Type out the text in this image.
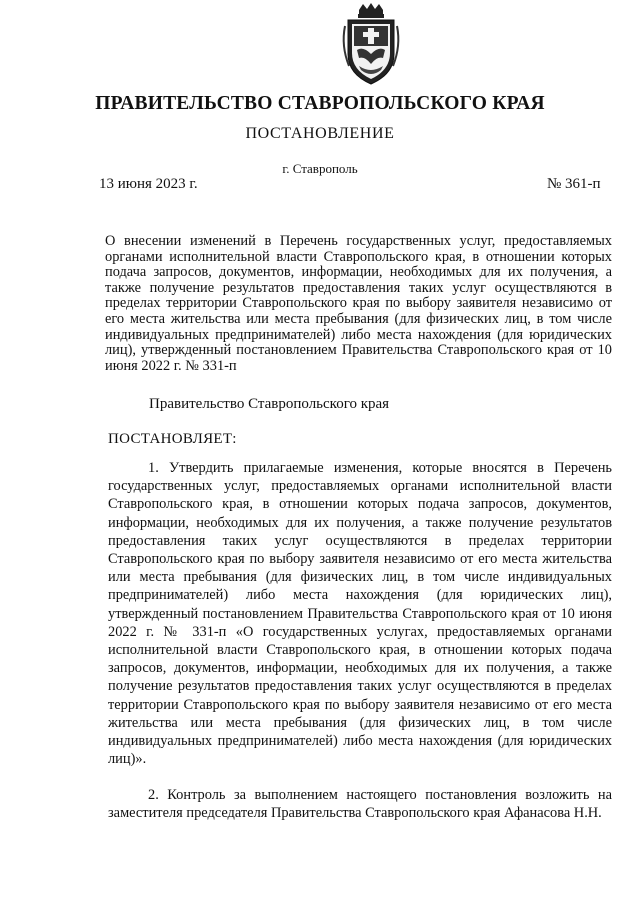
ПРАВИТЕЛЬСТВО СТАВРОПОЛЬСКОГО КРАЯ
ПОСТАНОВЛЕНИЕ
г. Ставрополь
13 июня 2023 г.	№ 361-п
О внесении изменений в Перечень государственных услуг, предоставляемых органами исполнительной власти Ставропольского края, в отношении которых подача запросов, документов, информации, необходимых для их получения, а также получение результатов предоставления таких услуг осуществляются в пределах территории Ставропольского края по выбору заявителя независимо от его места жительства или места пребывания (для физических лиц, в том числе индивидуальных предпринимателей) либо места нахождения (для юридических лиц), утвержденный постановлением Правительства Ставропольского края от 10 июня 2022 г. № 331-п
Правительство Ставропольского края
ПОСТАНОВЛЯЕТ:
1. Утвердить прилагаемые изменения, которые вносятся в Перечень государственных услуг, предоставляемых органами исполнительной власти Ставропольского края, в отношении которых подача запросов, документов, информации, необходимых для их получения, а также получение результатов предоставления таких услуг осуществляются в пределах территории Ставропольского края по выбору заявителя независимо от его места жительства или места пребывания (для физических лиц, в том числе индивидуальных предпринимателей) либо места нахождения (для юридических лиц), утвержденный постановлением Правительства Ставропольского края от 10 июня 2022 г. № 331-п «О государственных услугах, предоставляемых органами исполнительной власти Ставропольского края, в отношении которых подача запросов, документов, информации, необходимых для их получения, а также получение результатов предоставления таких услуг осуществляются в пределах территории Ставропольского края по выбору заявителя независимо от его места жительства или места пребывания (для физических лиц, в том числе индивидуальных предпринимателей) либо места нахождения (для юридических лиц)».
2. Контроль за выполнением настоящего постановления возложить на заместителя председателя Правительства Ставропольского края Афанасова Н.Н.
